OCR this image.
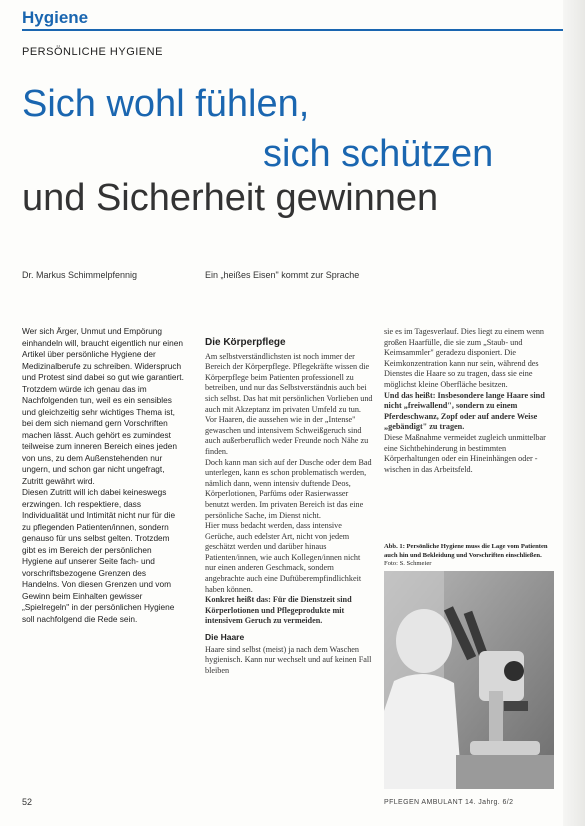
Hygiene
PERSÖNLICHE HYGIENE
Sich wohl fühlen,
sich schützen
und Sicherheit gewinnen
Dr. Markus Schimmelpfennig	Ein „heißes Eisen" kommt zur Sprache

Wer sich Ärger, Unmut und Empörung einhandeln will, braucht eigentlich nur einen Artikel über persönliche Hygiene der Medizinalberufe zu schreiben. Widerspruch und Protest sind dabei so gut wie garantiert. Trotzdem würde ich genau das im Nachfolgenden tun, weil es ein sensibles und gleichzeitig sehr wichtiges Thema ist, bei dem sich niemand gern Vorschriften machen lässt. Auch gehört es zumindest teilweise zum inneren Bereich eines jeden von uns, zu dem Außenstehenden nur ungern, und schon gar nicht ungefragt, Zutritt gewährt wird.

Diesen Zutritt will ich dabei keineswegs erzwingen. Ich respektiere, dass Individualität und Intimität nicht nur für die zu pflegenden Patienten/innen, sondern genauso für uns selbst gelten. Trotzdem gibt es im Bereich der persönlichen Hygiene auf unserer Seite fach- und vorschriftsbezogene Grenzen des Handelns. Von diesen Grenzen und vom Gewinn beim Einhalten gewisser „Spielregeln" in der persönlichen Hygiene soll nachfolgend die Rede sein.

Die Körperpflege

Am selbstverständlichsten ist noch immer der Bereich der Körperpflege. Pflegekräfte wissen die Körperpflege beim Patienten professionell zu betreiben, und nur das Selbstverständnis auch bei sich selbst. Das hat mit persönlichen Vorlieben und auch mit Akzeptanz im privaten Umfeld zu tun. Vor Haaren, die aussehen wie in der „Intense" gewaschen und intensivem Schweißgeruch sind auch außerberuflich weder Freunde noch Nähe zu finden.

Doch kann man sich auf der Dusche oder dem Bad unterlegen, kann es schon problematisch werden, nämlich dann, wenn intensiv duftende Deos, Körperlotionen, Parfüms oder Rasierwasser benutzt werden. Im privaten Bereich ist das eine persönliche Sache, im Dienst nicht.

Hier muss bedacht werden, dass intensive Gerüche, auch edelster Art, nicht von jedem geschätzt werden und darüber hinaus Patienten/innen, wie auch Kollegen/innen nicht nur einen anderen Geschmack, sondern angebrachte auch eine Duftüberempfindlichkeit haben können.

Konkret heißt das: Für die Dienstzeit sind Körperlotionen und Pflegeprodukte mit intensivem Geruch zu vermeiden.

Die Haare

Haare sind selbst (meist) ja nach dem Waschen hygienisch. Kann nur wechselt und auf keinen Fall bleiben

sie es im Tagesverlauf. Dies liegt zu einem wenn großen Haarfülle, die sie zum „Staub- und Keimsammler" geradezu disponiert. Die Keimkonzentration kann nur sein, während des Dienstes die Haare so zu tragen, dass sie eine möglichst kleine Oberfläche besitzen.

Und das heißt: Insbesondere lange Haare sind nicht „freiwallend", sondern zu einem Pferdeschwanz, Zopf oder auf andere Weise „gebändigt" zu tragen.

Diese Maßnahme vermeidet zugleich unmittelbar eine Sichtbehinderung in bestimmten Körperhaltungen oder ein Hineinhängen oder -wischen in das Arbeitsfeld.

Abb. 1: Persönliche Hygiene muss die Lage vom Patienten auch hin und Bekleidung und Vorschriften einschließen. Foto: S. Schmeier
52	PFLEGEN AMBULANT 14. Jahrg. 6/2
